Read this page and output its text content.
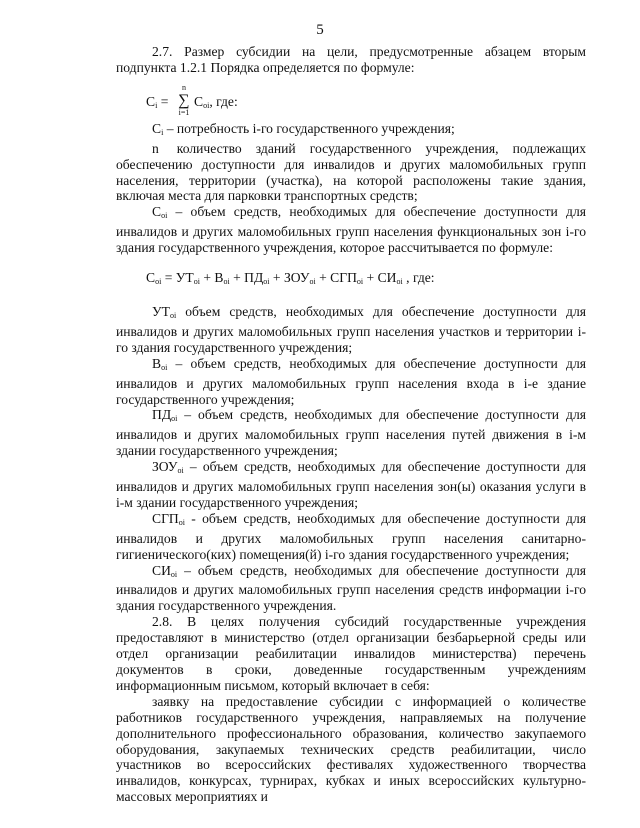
5

2.7. Размер субсидии на цели, предусмотренные абзацем вторым подпункта 1.2.1 Порядка определяется по формуле:

$C_i$ =
n
∑
i=1
$C_{oi}$, где:

$C_i$ – потребность i-го государственного учреждения;

n количество зданий государственного учреждения, подлежащих обеспечению доступности для инвалидов и других маломобильных групп населения, территории (участка), на которой расположены такие здания, включая места для парковки транспортных средств;

$C_{oi}$ – объем средств, необходимых для обеспечение доступности для инвалидов и других маломобильных групп населения функциональных зон i-го здания государственного учреждения, которое рассчитывается по формуле:

$C_{oi} = УТ_{oi} + В_{oi} + ПД_{oi} + ЗОУ_{oi} + СГП_{oi} + СИ_{oi}$ , где:

$УТ_{oi}$ объем средств, необходимых для обеспечение доступности для инвалидов и других маломобильных групп населения участков и территории i-го здания государственного учреждения;

$В_{oi}$ – объем средств, необходимых для обеспечение доступности для инвалидов и других маломобильных групп населения входа в i-е здание государственного учреждения;

$ПД_{oi}$ – объем средств, необходимых для обеспечение доступности для инвалидов и других маломобильных групп населения путей движения в i-м здании государственного учреждения;

$ЗОУ_{oi}$ – объем средств, необходимых для обеспечение доступности для инвалидов и других маломобильных групп населения зон(ы) оказания услуги в i-м здании государственного учреждения;

$СГП_{oi}$ - объем средств, необходимых для обеспечение доступности для инвалидов и других маломобильных групп населения санитарно-гигиенического(ких) помещения(й) i-го здания государственного учреждения;

$СИ_{oi}$ – объем средств, необходимых для обеспечение доступности для инвалидов и других маломобильных групп населения средств информации i-го здания государственного учреждения.

2.8. В целях получения субсидий государственные учреждения предоставляют в министерство (отдел организации безбарьерной среды или отдел организации реабилитации инвалидов министерства) перечень документов в сроки, доведенные государственным учреждениям информационным письмом, который включает в себя:

заявку на предоставление субсидии с информацией о количестве работников государственного учреждения, направляемых на получение дополнительного профессионального образования, количество закупаемого оборудования, закупаемых технических средств реабилитации, число участников во всероссийских фестивалях художественного творчества инвалидов, конкурсах, турнирах, кубках и иных всероссийских культурно-массовых мероприятиях и
